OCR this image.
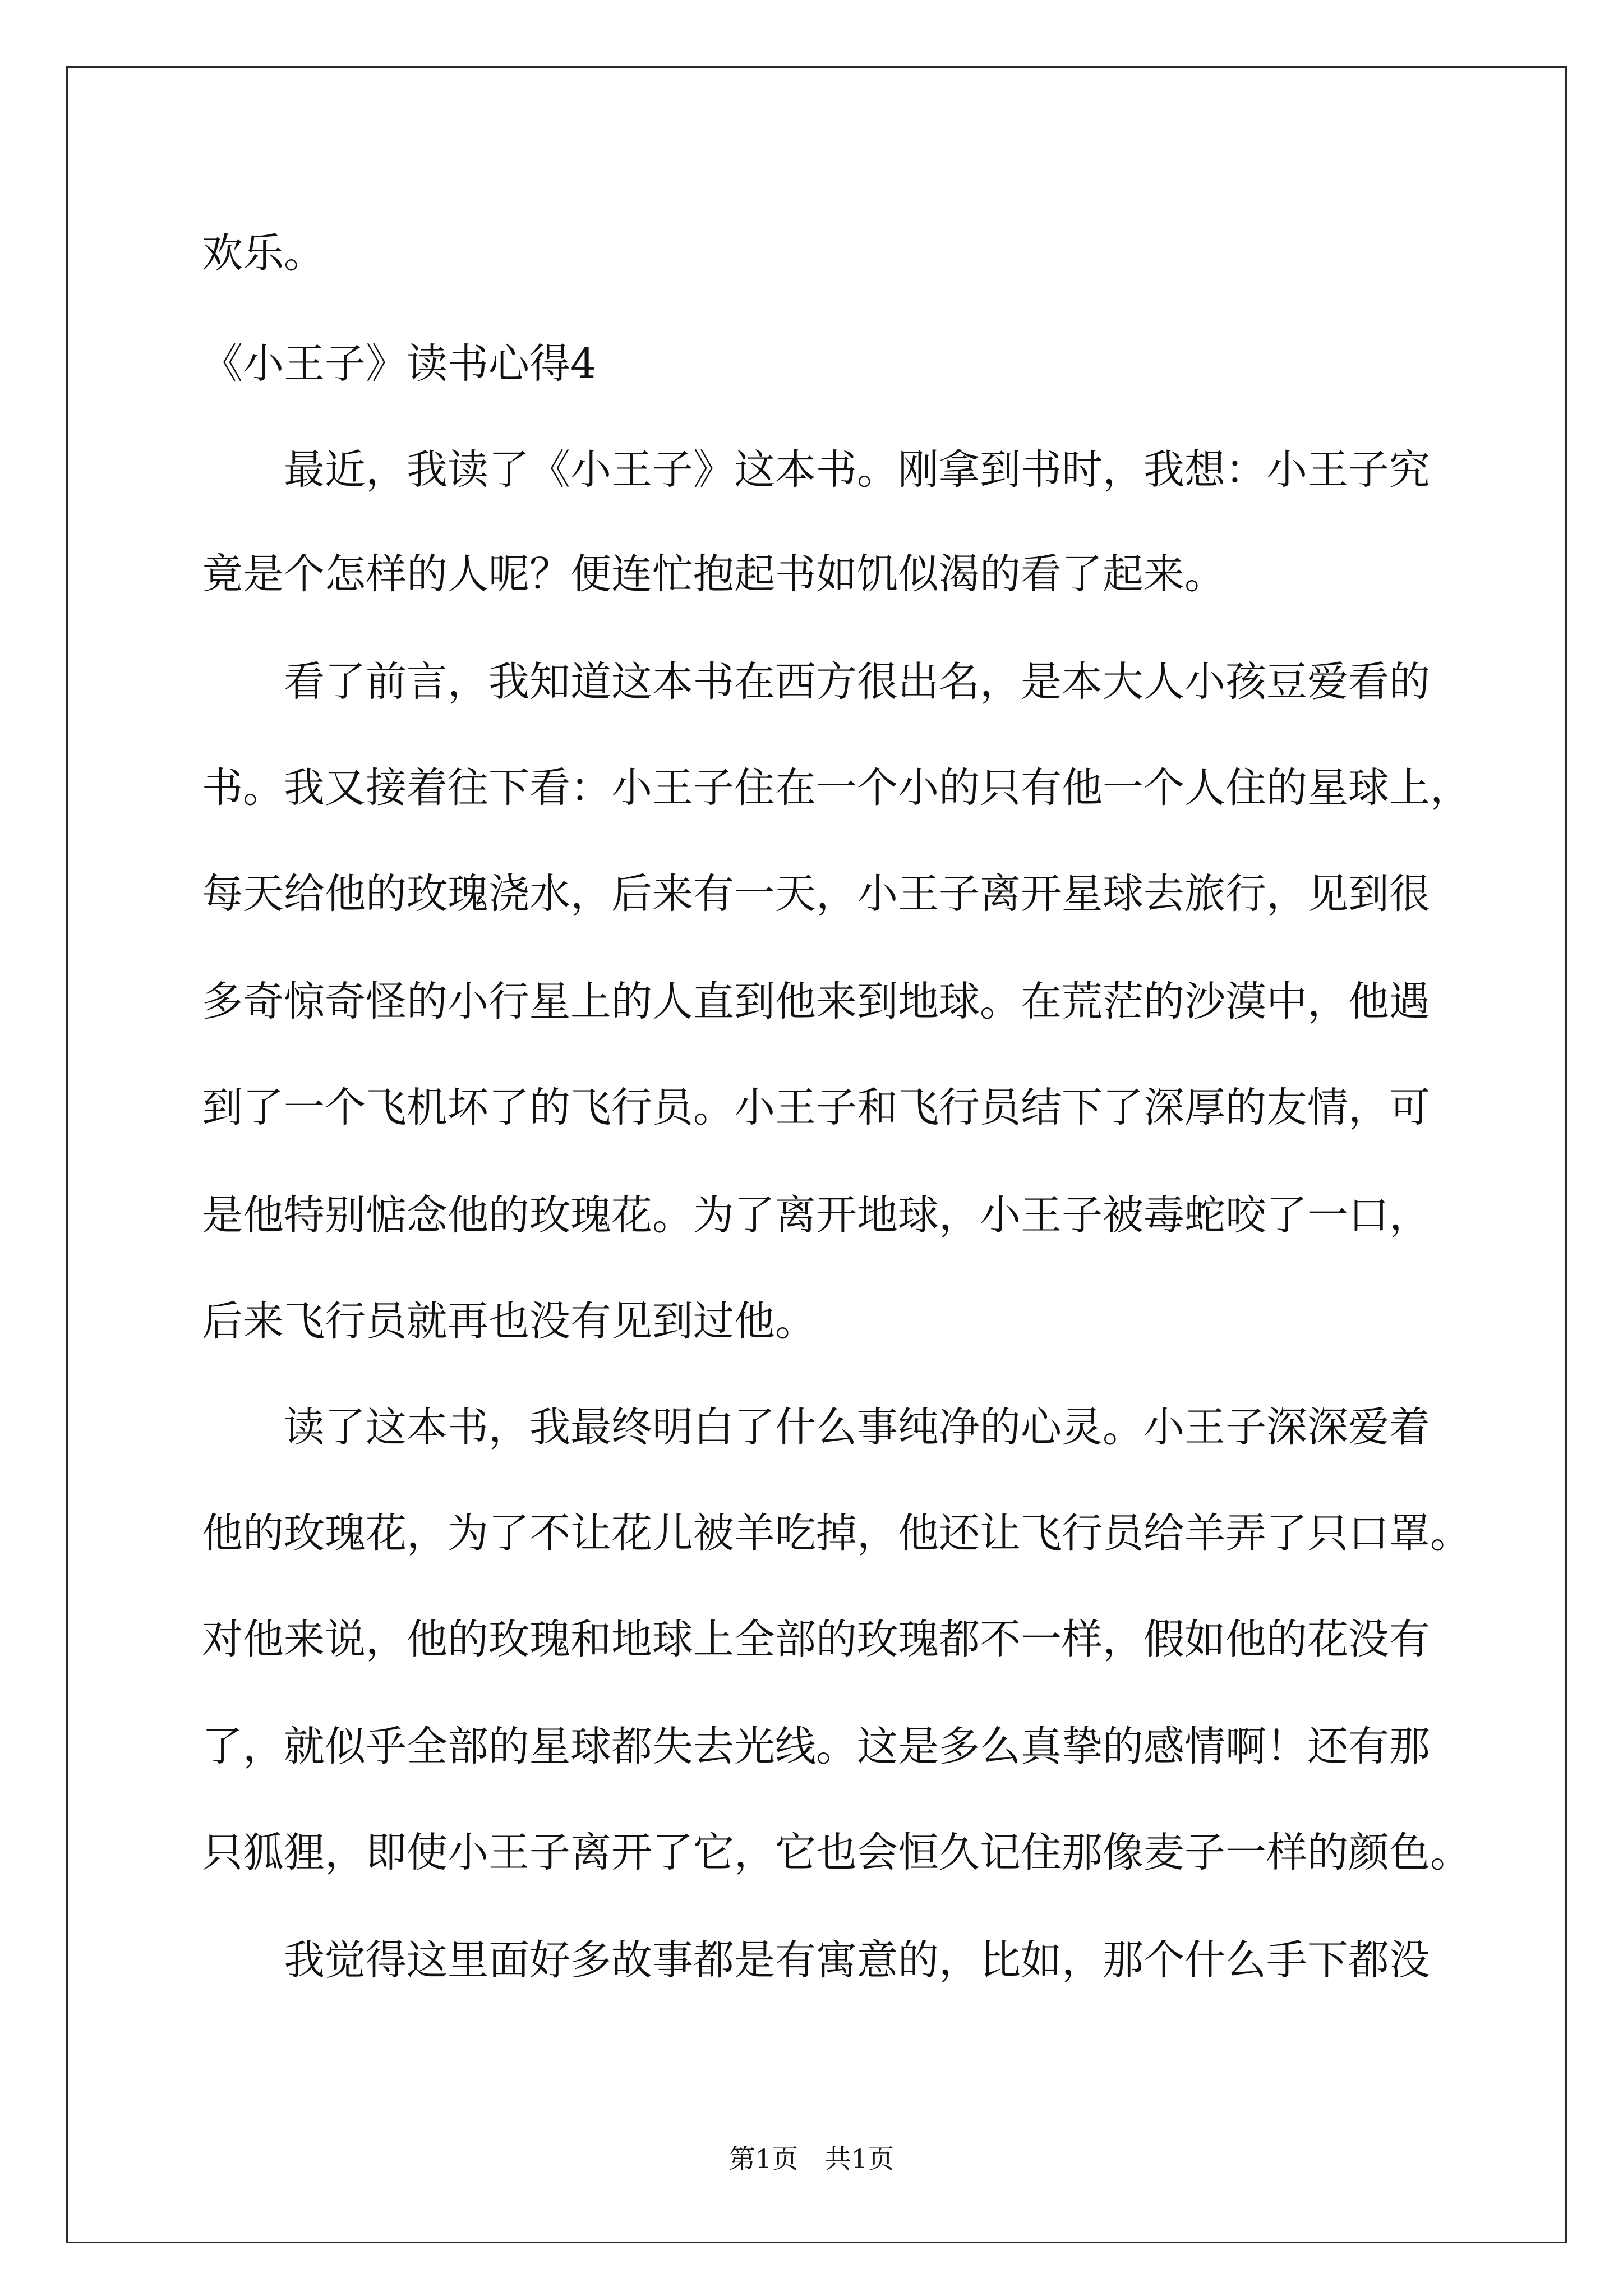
欢乐。
《小王子》读书心得4
最近，我读了《小王子》这本书。刚拿到书时，我想：小王子究
竟是个怎样的人呢？便连忙抱起书如饥似渴的看了起来。
看了前言，我知道这本书在西方很出名，是本大人小孩豆爱看的
书。我又接着往下看：小王子住在一个小的只有他一个人住的星球上，
每天给他的玫瑰浇水，后来有一天，小王子离开星球去旅行，见到很
多奇惊奇怪的小行星上的人直到他来到地球。在荒茫的沙漠中，他遇
到了一个飞机坏了的飞行员。小王子和飞行员结下了深厚的友情，可
是他特别惦念他的玫瑰花。为了离开地球，小王子被毒蛇咬了一口，
后来飞行员就再也没有见到过他。
读了这本书，我最终明白了什么事纯净的心灵。小王子深深爱着
他的玫瑰花，为了不让花儿被羊吃掉，他还让飞行员给羊弄了只口罩。
对他来说，他的玫瑰和地球上全部的玫瑰都不一样，假如他的花没有
了，就似乎全部的星球都失去光线。这是多么真挚的感情啊！还有那
只狐狸，即使小王子离开了它，它也会恒久记住那像麦子一样的颜色。
我觉得这里面好多故事都是有寓意的，比如，那个什么手下都没
第1页　共1页
